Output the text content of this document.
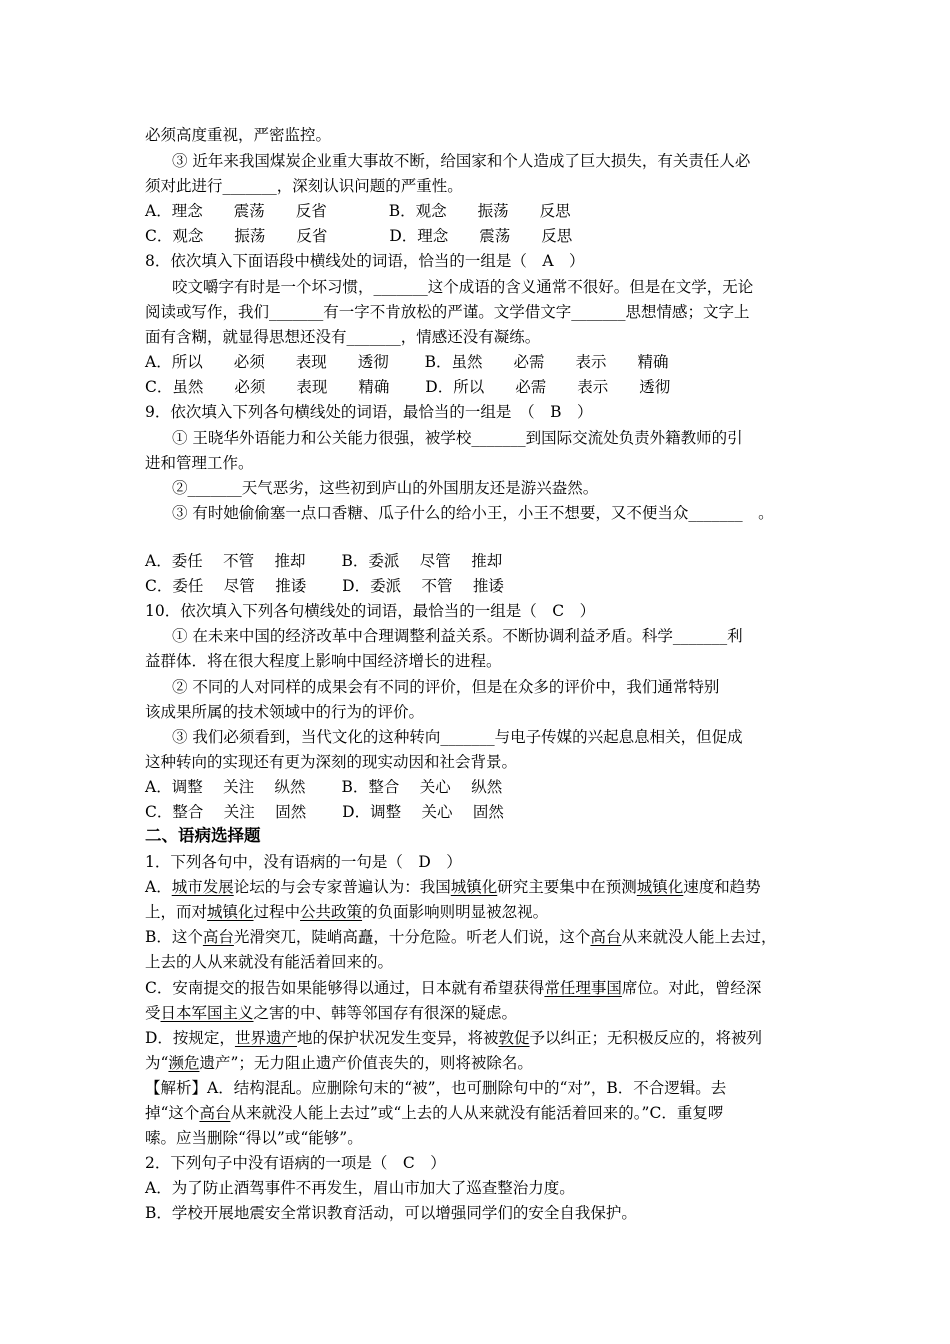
必须高度重视，严密监控。
③ 近年来我国煤炭企业重大事故不断，给国家和个人造成了巨大损失，有关责任人必
须对此进行_______，深刻认识问题的严重性。
A．理念　　震荡　　反省　　　　B．观念　　振荡　　反思
C．观念　　振荡　　反省　　　　D．理念　　震荡　　反思
8．依次填入下面语段中横线处的词语，恰当的一组是（　A　）
咬文嚼字有时是一个坏习惯，_______这个成语的含义通常不很好。但是在文学，无论
阅读或写作，我们_______有一字不肯放松的严谨。文学借文字_______思想情感；文字上
面有含糊，就显得思想还没有_______，情感还没有凝练。
A．所以　　必须　　表现　　透彻　　 B．虽然　　必需　　表示　　精确
C．虽然　　必须　　表现　　精确　　 D．所以　　必需　　表示　　透彻
9．依次填入下列各句横线处的词语，最恰当的一组是　（　B　）
① 王晓华外语能力和公关能力很强，被学校_______到国际交流处负责外籍教师的引
进和管理工作。
②_______天气恶劣，这些初到庐山的外国朋友还是游兴盎然。
③ 有时她偷偷塞一点口香糖、瓜子什么的给小王，小王不想要，又不便当众_______　。
A．委任　 不管　 推却　　 B．委派　 尽管　 推却
C．委任　 尽管　 推诿　　 D．委派　 不管　 推诿
10．依次填入下列各句横线处的词语，最恰当的一组是（　C　）
① 在未来中国的经济改革中合理调整利益关系。不断协调利益矛盾。科学_______利
益群体．将在很大程度上影响中国经济增长的进程。
② 不同的人对同样的成果会有不同的评价，但是在众多的评价中，我们通常特别
该成果所属的技术领域中的行为的评价。
③ 我们必须看到，当代文化的这种转向_______与电子传媒的兴起息息相关，但促成
这种转向的实现还有更为深刻的现实动因和社会背景。
A．调整　 关注　 纵然　　 B．整合　 关心　 纵然
C．整合　 关注　 固然　　 D．调整　 关心　 固然
二、语病选择题
1．下列各句中，没有语病的一句是（　D　）
A．城市发展论坛的与会专家普遍认为：我国城镇化研究主要集中在预测城镇化速度和趋势
上，而对城镇化过程中公共政策的负面影响则明显被忽视。
B．这个高台光滑突兀，陡峭高矗，十分危险。听老人们说，这个高台从来就没人能上去过，
上去的人从来就没有能活着回来的。
C．安南提交的报告如果能够得以通过，日本就有希望获得常任理事国席位。对此，曾经深
受日本军国主义之害的中、韩等邻国存有很深的疑虑。
D．按规定，世界遗产地的保护状况发生变异，将被敦促予以纠正；无积极反应的，将被列
为“濒危遗产”；无力阻止遗产价值丧失的，则将被除名。
【解析】A．结构混乱。应删除句末的“被”，也可删除句中的“对”，B．不合逻辑。去
掉“这个高台从来就没人能上去过”或“上去的人从来就没有能活着回来的。”C．重复啰
嗦。应当删除“得以”或“能够”。
2．下列句子中没有语病的一项是（　C　）
A．为了防止酒驾事件不再发生，眉山市加大了巡查整治力度。
B．学校开展地震安全常识教育活动，可以增强同学们的安全自我保护。
